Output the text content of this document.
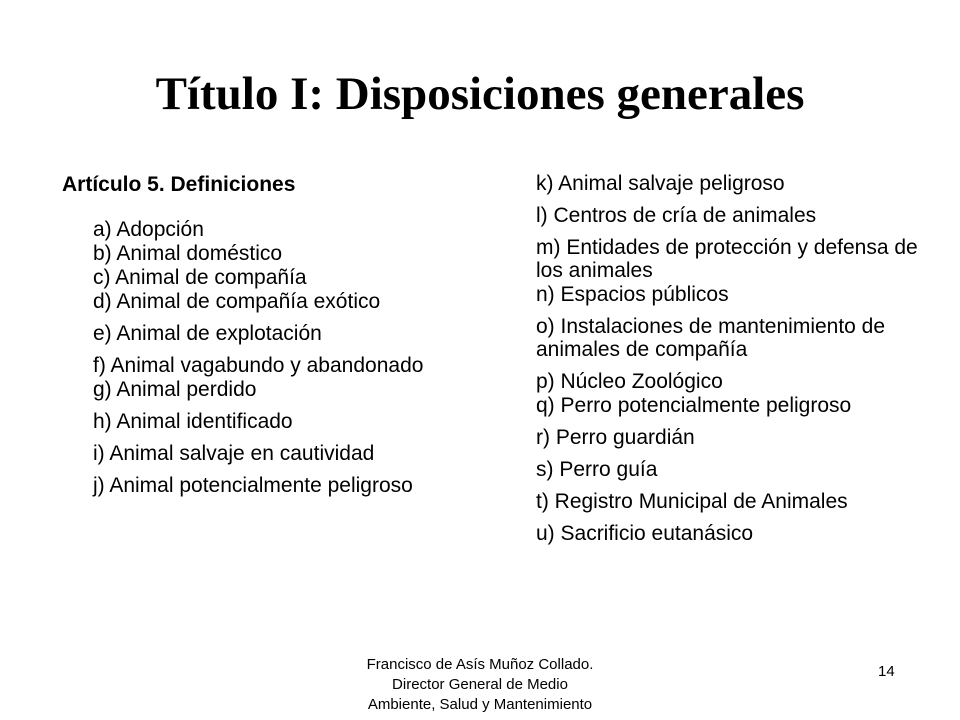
Título I: Disposiciones generales

Artículo 5. Definiciones

a) Adopción
b) Animal doméstico
c) Animal de compañía
d) Animal de compañía exótico
e) Animal de explotación
f) Animal vagabundo y abandonado
g) Animal perdido
h) Animal identificado
i) Animal salvaje en cautividad
j) Animal potencialmente peligroso
k) Animal salvaje peligroso
l) Centros de cría de animales
m) Entidades de protección y defensa de los animales
n) Espacios públicos
o) Instalaciones de mantenimiento de animales de compañía
p) Núcleo Zoológico
q) Perro potencialmente peligroso
r) Perro guardián
s) Perro guía
t) Registro Municipal de Animales
u) Sacrificio eutanásico
Francisco de Asís Muñoz Collado.
Director General de Medio
Ambiente, Salud y Mantenimiento
14
